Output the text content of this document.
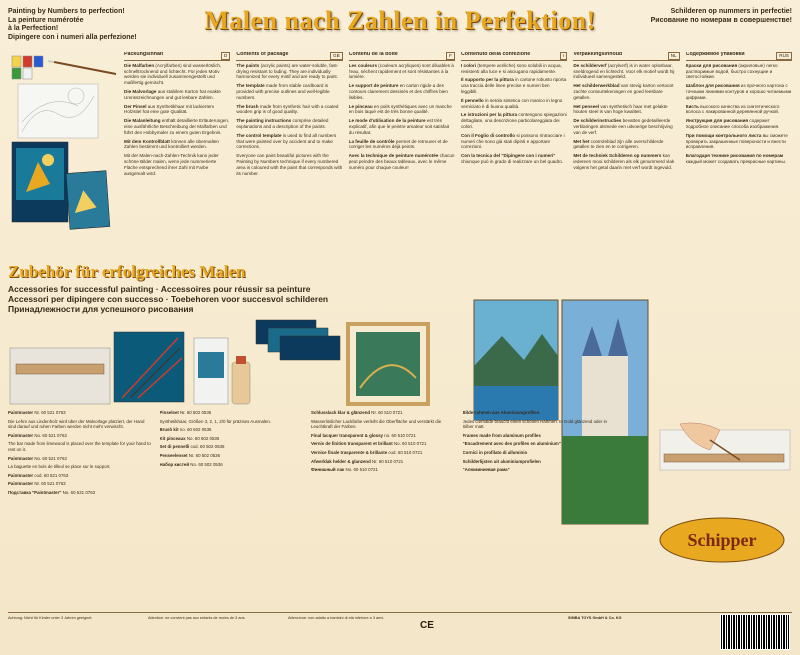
Painting by Numbers to perfection!
La peinture numérotée
à la Perfection!
Dipingere con i numeri alla perfezione!
Malen nach Zahlen in Perfektion!	Schilderen op nummers in perfectie!
Рисование по номерам в совершенстве!
Packungsinhalt	D

Die Malfarben (Acrylfarben) sind wasserlöslich, schnelltrocknend und lichtecht. Für jedes Motiv werden sie individuell zusammengestellt und maßfertig gemischt.

Die Malvorlage aus stabilem Karton hat exakte Umrisszeichnungen und gut lesbare Zahlen.

Der Pinsel aus Synthetikhaar mit lackiertem Holzstiel hat eine gute Qualität.

Die Malanleitung enthält detaillierte Erläuterungen, eine ausführliche Beschreibung der Malfarben und führt den Hobbymaler zu einem guten Ergebnis.

Mit dem Kontrollblatt können alle übermalten Zahlen bestimmt und kontrolliert werden.

Mit der Malen-nach-Zahlen-Technik kann jeder schöne Bilder malen, wenn jede nummerierte Fläche entsprechend ihrer Zahl mit Farbe ausgemalt wird.

Contents of package	GB

The paints (acrylic paints) are water-soluble, fast-drying resistant to fading. They are individually harmonized for every motif and are ready to paint.

The template made from stable cardboard is provided with precise outlines and well-legible numbers.

The brush made from synthetic hair with a coated wooden grip is of good quality.

The painting instructions comprise detailed explanations and a description of the paints.

The control template is used to find all numbers that were painted over by accident and to make corrections.

Everyone can paint beautiful pictures with the Painting by Numbers technique if every numbered area is coloured with the paint that corresponds with its number.

Contenu de la boîte	F

Les couleurs (couleurs acryliques) sont diluables à l'eau, sèchent rapidement et sont résistantes à la lumière.

Le support de peinture en carton rigide a des contours clairement dessinés et des chiffres bien lisibles.

Le pinceau en poils synthétiques avec un manche en bois laqué est de très bonne qualité.

Le mode d'utilisation de la peinture est très explicatif, afin que le peintre amateur soit satisfait du résultat.

La feuille de contrôle permet de retrouver et de corriger les numéros déjà peints.

Avec la technique de peinture numérotée chacun peut peindre des beaux tableaux, avec le même numéro pour chaque couleur!

Contenuto della confezione	I

I colori (tempere acriliche) sono solubili in acqua, resistenti alla luce e si asciugano rapidamente.

Il supporto per la pittura in cartone robusto riporta una traccia delle linee precise e numeri ben leggibili.

Il pennello in setola sintetica con manico in legno verniciato è di buona qualità.

Le istruzioni per la pittura contengono spiegazioni dettagliate, una descrizione particolareggiata dei colori.

Con il Foglio di controllo si possono rintracciare i numeri che sono già stati dipinti e apportare correzioni.

Con la tecnica del "Dipingere con i numeri" chiunque può in grado di realizzare un bel quadro.

Verpakkingsinhoud	NL

De schilderverf (acrylverf) is in water oplosbaar, sneldrogend en lichtecht. Voor elk motief wordt hij individueel samengesteld.

Het schilderwerkblad van stevig karton vertoont zachte contourtekeningen en goed leesbare getallen.

Het penseel van synthetisch haar met gelakte houten steel is van hoge kwaliteit.

De schilderinstructies bevatten gedetailleerde verklaringen alsmede een uitvoerige beschrijving van de verf.

Met het controleblad zijn alle overschilderde getallen te zien en te corrigeren.

Met de techniek Schilderen op nummers kan iedereen mooi schilderen als elk genummerd vlak volgens het getal daarin met verf wordt ingevuld.

Содержимое упаковки	RUS

Краски для рисования (акриловые) легко растворимые водой, быстро сохнущие и светостойкие.

Шаблон для рисования из прочного картона с точными линиями контуров и хорошо читаемыми цифрами.

Кисть высокого качества из синтетического волоса с лакированной деревянной ручкой.

Инструкция для рисования содержит подробное описание способа изображения.

При помощи контрольного листа вы сможете проверить закрашенные поверхности и внести исправления.

Благодаря технике рисования по номерам каждый может создавать прекрасные картины.

Zubehör für erfolgreiches Malen
Accessories for successful painting · Accessoires pour réussir sa peinture
Accessori per dipingere con successo · Toebehoren voor succesvol schilderen
Принадлежности для успешного рисования

Paintmaster Nr. 60 521 0763

Die Lehre aus Lindenholz wird über der Malvorlage platziert, der Hand sind darauf und ruhen Farben werden nicht mehr verwischt.

Paintmaster No. 60 521 0763

The bar made from limewood is placed over the template for your hand to rest on it.

Paintmaster No. 60 521 0763

La baguette en bois de tilleul se place sur le support.

Paintmaster cod. 60 521 0763

Paintmaster Nr. 60 521 0763

Подставка "Paintmaster" No. 60 521 0763

Pinselset Nr. 60 502 0536

Synthetikhaar, Größen 3, 2, 1, 2/0 für präzises Ausmalen.

Brush kit no. 60 502 0536

Kit pinceaux No. 60 502 0536

Set di pennelli cod. 60 502 0536

Penseelenset Nr. 60 502 0536

Набор кистей No. 60 502 0536

Schlusslack klar & glänzend Nr. 60 510 0721

Wasserlöslicher Lackfarbe verleiht die Oberfläche und verstärkt die Leuchtkraft der Farben.

Final lacquer transparent & glossy no. 60 510 0721

Vernis de finition transparent et brillant No. 60 510 0721

Vernice finale trasparente & brillante cod. 60 510 0721

Afwerklak helder & glanzend Nr. 60 510 0721

Финишный лак No. 60 510 0721

Bilderrahmen aus Aluminiumprofilen

Jedes Gemälde braucht einen schönen Rahmen. In Gold glänzend oder in Silber matt.

Frames made from aluminum profiles

"Encadrement avec des profiles en aluminium"

Cornici in profilato di alluminio

Schilderlijsten uit aluminiumprofielen

"Алюминиевая рама"

Schipper
Achtung: Nicht für Kinder unter 3 Jahren geeignet.	Attention: ne convient pas aux enfants de moins de 3 ans.	Attenzione: non adatto a bambini di età inferiore a 3 anni.	SIMBA TOYS GmbH & Co. KG
CE
